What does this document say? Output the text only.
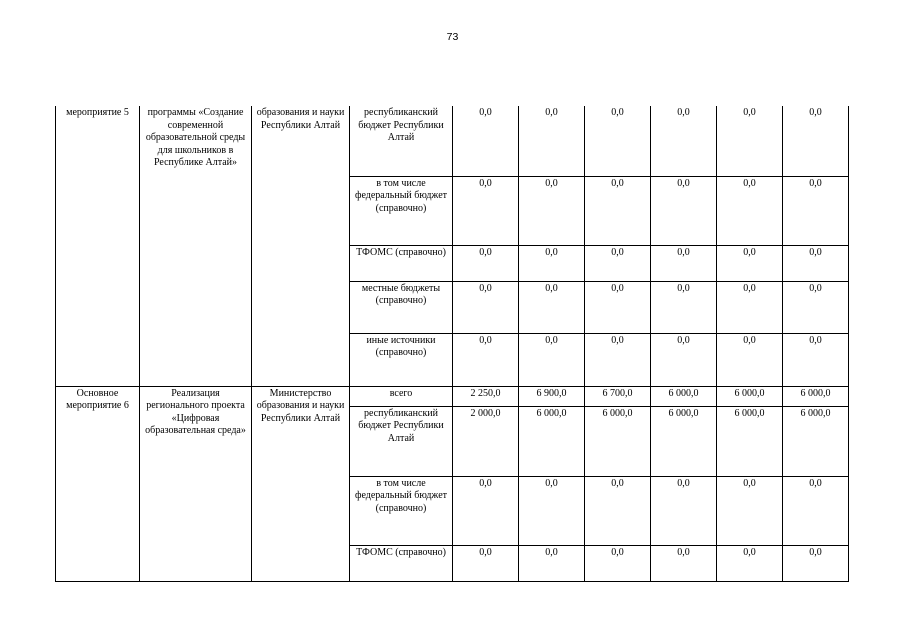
73
мероприятие 5	программы «Создание современной образовательной среды для школьников в Республике Алтай»	образования и науки Республики Алтай	республиканский бюджет Республики Алтай	0,0	0,0	0,0	0,0	0,0	0,0
			в том числе федеральный бюджет (справочно)	0,0	0,0	0,0	0,0	0,0	0,0
			ТФОМС (справочно)	0,0	0,0	0,0	0,0	0,0	0,0
			местные бюджеты (справочно)	0,0	0,0	0,0	0,0	0,0	0,0
			иные источники (справочно)	0,0	0,0	0,0	0,0	0,0	0,0
Основное мероприятие 6	Реализация регионального проекта «Цифровая образовательная среда»	Министерство образования и науки Республики Алтай	всего	2 250,0	6 900,0	6 700,0	6 000,0	6 000,0	6 000,0
			республиканский бюджет Республики Алтай	2 000,0	6 000,0	6 000,0	6 000,0	6 000,0	6 000,0
			в том числе федеральный бюджет (справочно)	0,0	0,0	0,0	0,0	0,0	0,0
			ТФОМС (справочно)	0,0	0,0	0,0	0,0	0,0	0,0
